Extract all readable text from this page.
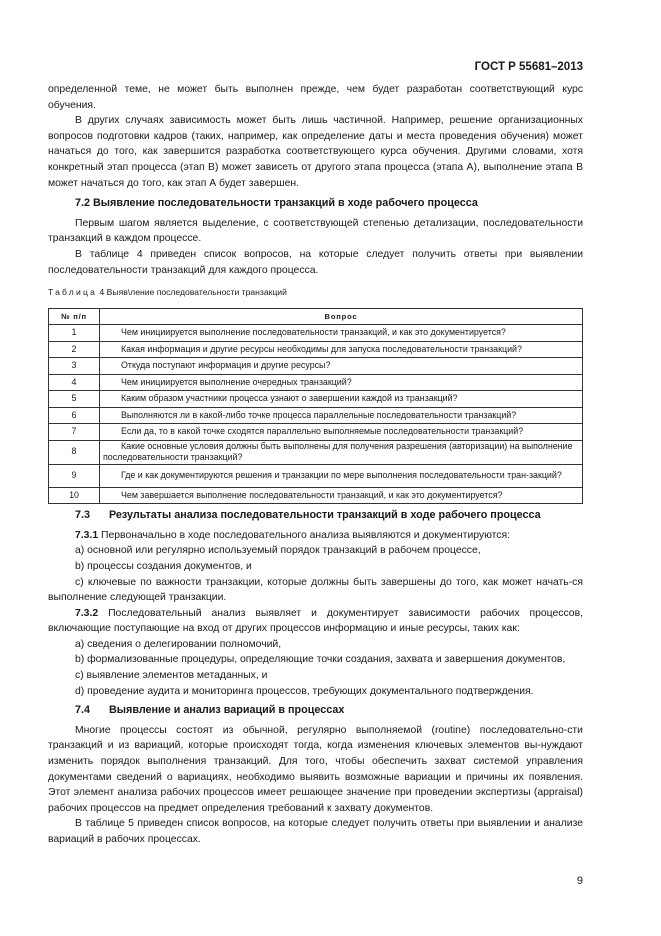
ГОСТ Р 55681–2013
определенной теме, не может быть выполнен прежде, чем будет разработан соответствующий курс обучения.
В других случаях зависимость может быть лишь частичной. Например, решение организационных вопросов подготовки кадров (таких, например, как определение даты и места проведения обучения) может начаться до того, как завершится разработка соответствующего курса обучения. Другими словами, хотя конкретный этап процесса (этап В) может зависеть от другого этапа процесса (этапа А), выполнение этапа В может начаться до того, как этап А будет завершен.
7.2 Выявление последовательности транзакций в ходе рабочего процесса
Первым шагом является выделение, с соответствующей степенью детализации, последовательности транзакций в каждом процессе.
В таблице 4 приведен список вопросов, на которые следует получить ответы при выявлении последовательности транзакций для каждого процесса.
Таблица 4 Выяв\ление последовательности транзакций
№ п/п	Вопрос
1	Чем инициируется выполнение последовательности транзакций, и как это документируется?
2	Какая информация и другие ресурсы необходимы для запуска последовательности транзакций?
3	Откуда поступают информация и другие ресурсы?
4	Чем инициируется выполнение очередных транзакций?
5	Каким образом участники процесса узнают о завершении каждой из транзакций?
6	Выполняются ли в какой-либо точке процесса параллельные последовательности транзакций?
7	Если да, то в какой точке сходятся параллельно выполняемые последовательности транзакций?
8	Какие основные условия должны быть выполнены для получения разрешения (авторизации) на выполнение последовательности транзакций?
9	Где и как документируются решения и транзакции по мере выполнения последовательности тран-закций?
10	Чем завершается выполнение последовательности транзакций, и как это документируется?
7.3 Результаты анализа последовательности транзакций в ходе рабочего процесса
7.3.1 Первоначально в ходе последовательного анализа выявляются и документируются:
a) основной или регулярно используемый порядок транзакций в рабочем процессе,
b) процессы создания документов, и
c) ключевые по важности транзакции, которые должны быть завершены до того, как может начать-ся выполнение следующей транзакции.
7.3.2 Последовательный анализ выявляет и документирует зависимости рабочих процессов, включающие поступающие на вход от других процессов информацию и иные ресурсы, таких как:
a) сведения о делегировании полномочий,
b) формализованные процедуры, определяющие точки создания, захвата и завершения документов,
c) выявление элементов метаданных, и
d) проведение аудита и мониторинга процессов, требующих документального подтверждения.
7.4 Выявление и анализ вариаций в процессах
Многие процессы состоят из обычной, регулярно выполняемой (routine) последовательно-сти транзакций и из вариаций, которые происходят тогда, когда изменения ключевых элементов вы-нуждают изменить порядок выполнения транзакций. Для того, чтобы обеспечить захват системой управления документами сведений о вариациях, необходимо выявить возможные вариации и причины их появления. Этот элемент анализа рабочих процессов имеет решающее значение при проведении экспертизы (appraisal) рабочих процессов на предмет определения требований к захвату документов.
В таблице 5 приведен список вопросов, на которые следует получить ответы при выявлении и анализе вариаций в рабочих процессах.
9
